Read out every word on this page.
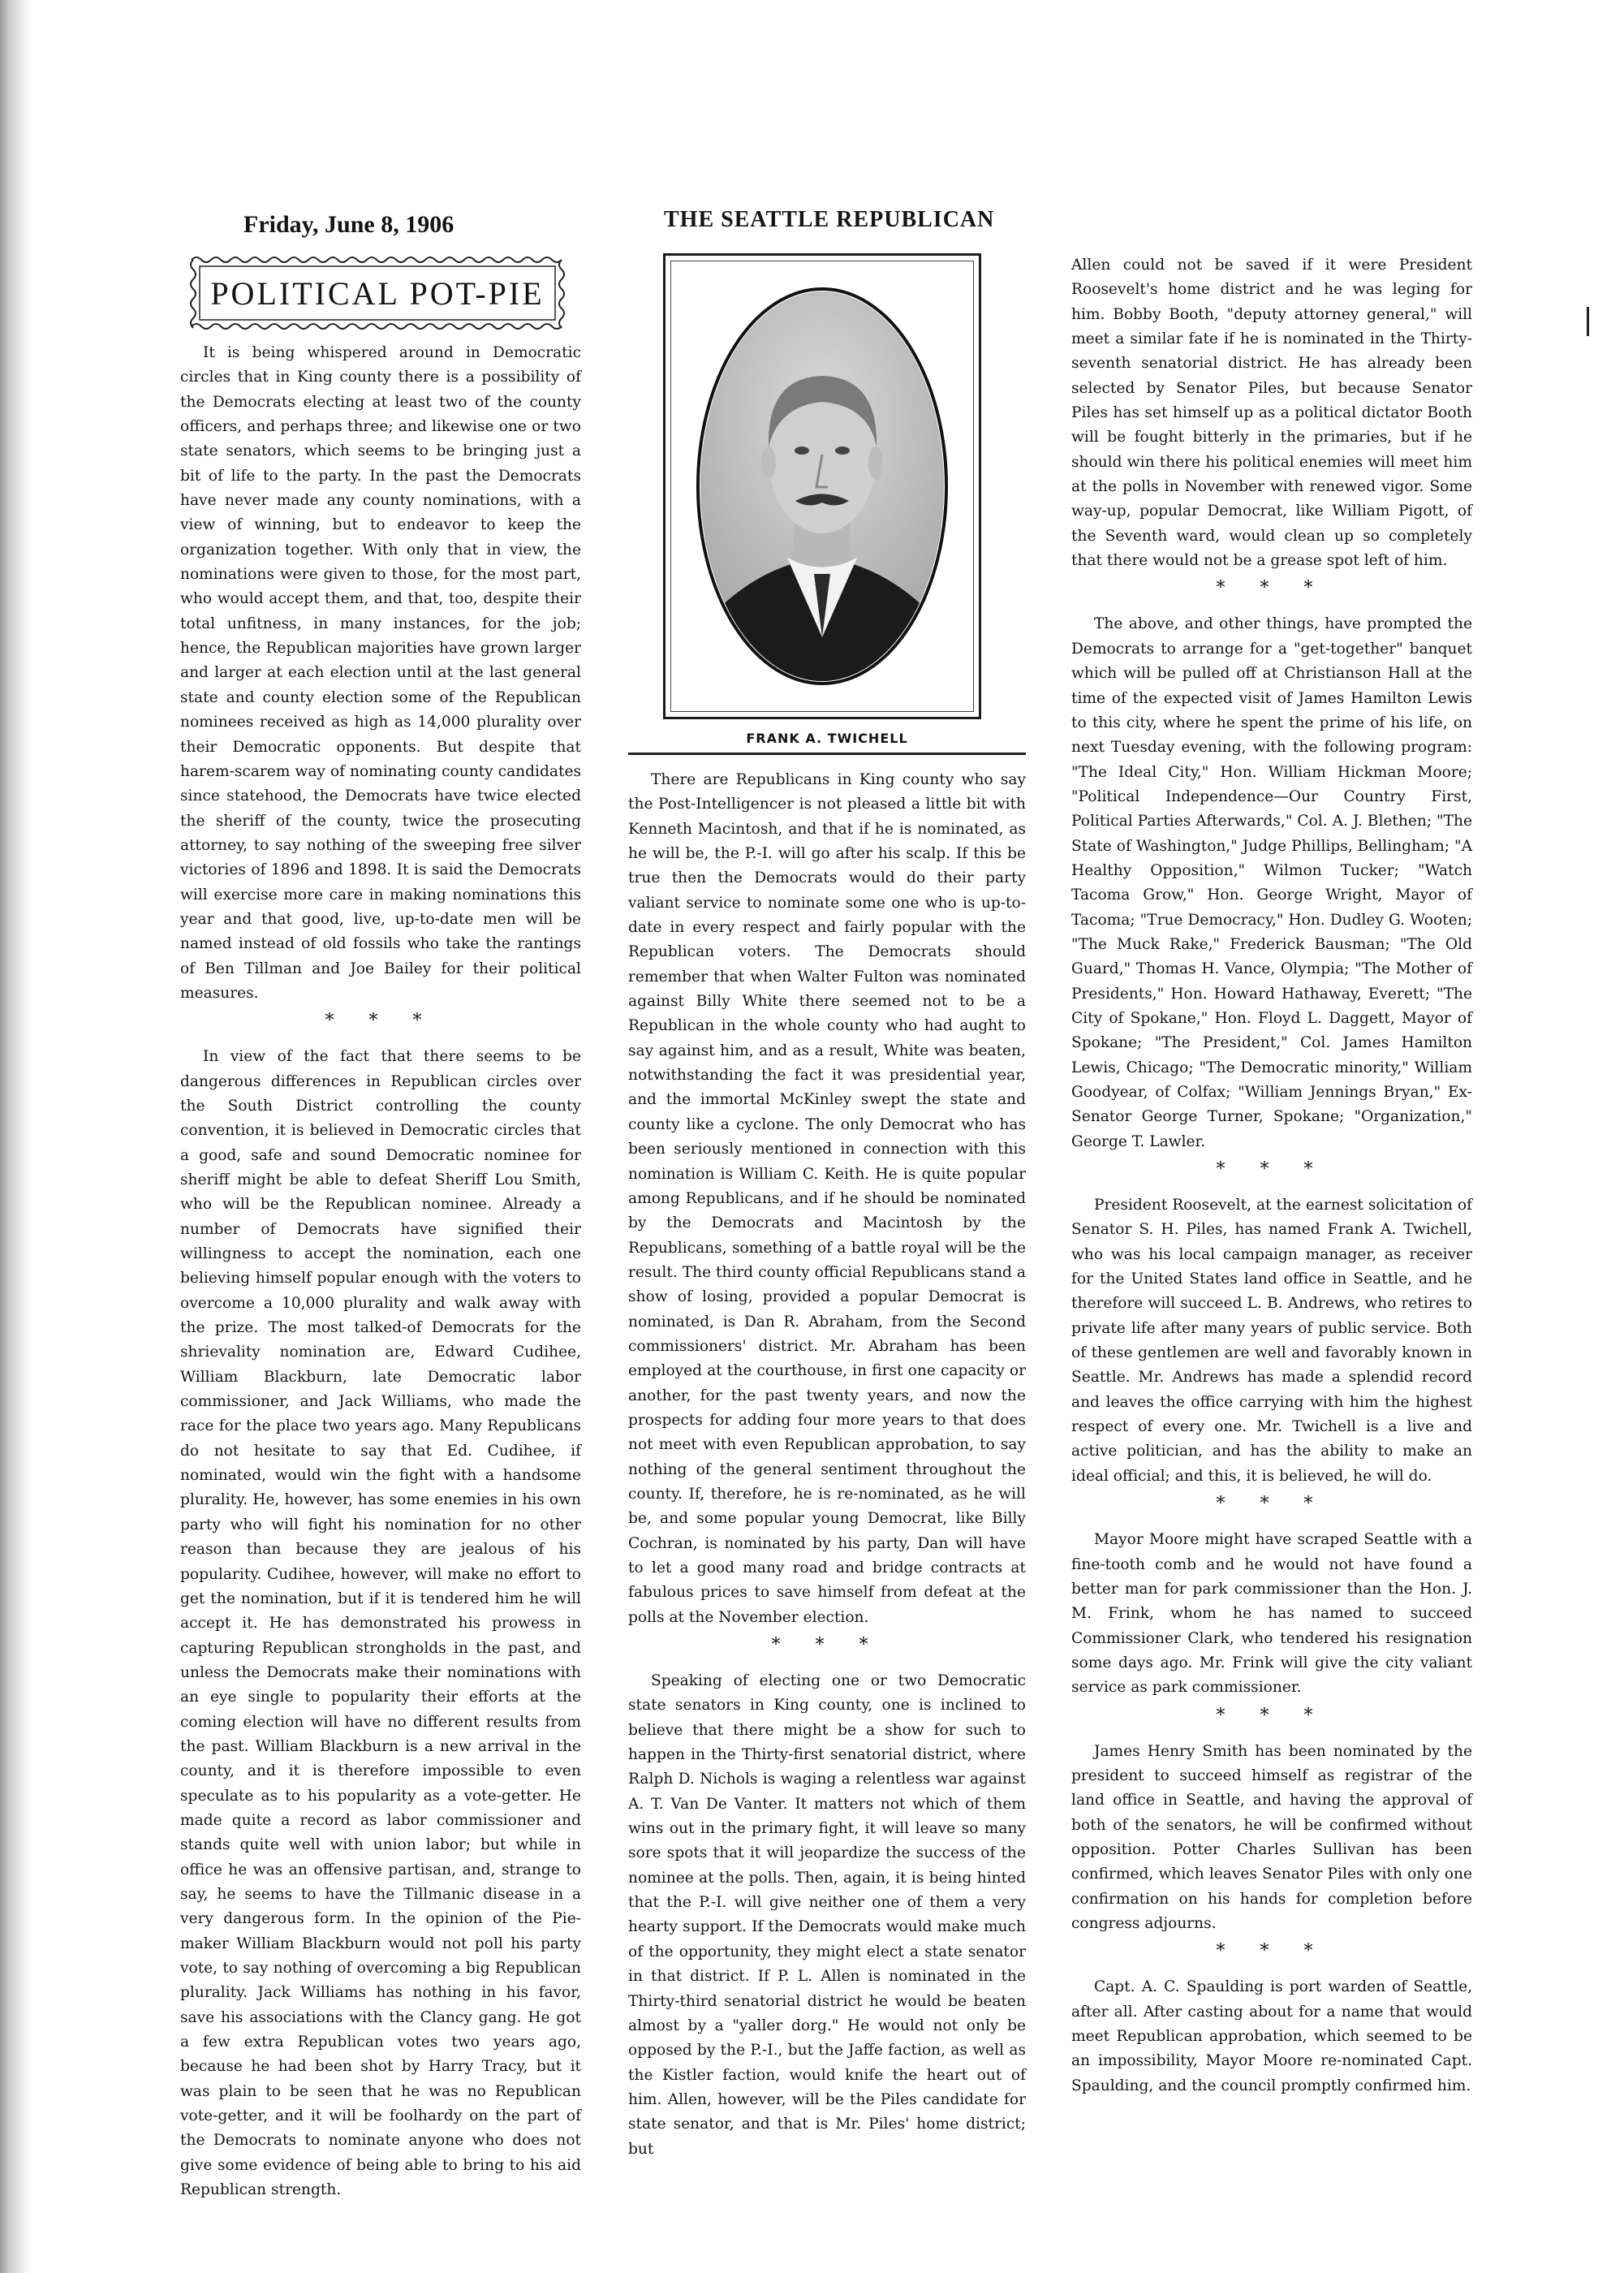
Friday, June 8, 1906	THE SEATTLE REPUBLICAN
POLITICAL POT-PIE

It is being whispered around in Democratic circles that in King county there is a possibility of the Democrats electing at least two of the county officers, and perhaps three; and likewise one or two state senators, which seems to be bringing just a bit of life to the party. In the past the Democrats have never made any county nominations, with a view of winning, but to endeavor to keep the organization together. With only that in view, the nominations were given to those, for the most part, who would accept them, and that, too, despite their total unfitness, in many instances, for the job; hence, the Republican majorities have grown larger and larger at each election until at the last general state and county election some of the Republican nominees received as high as 14,000 plurality over their Democratic opponents. But despite that harem-scarem way of nominating county candidates since statehood, the Democrats have twice elected the sheriff of the county, twice the prosecuting attorney, to say nothing of the sweeping free silver victories of 1896 and 1898. It is said the Democrats will exercise more care in making nominations this year and that good, live, up-to-date men will be named instead of old fossils who take the rantings of Ben Tillman and Joe Bailey for their political measures.

* * *

In view of the fact that there seems to be dangerous differences in Republican circles over the South District controlling the county convention, it is believed in Democratic circles that a good, safe and sound Democratic nominee for sheriff might be able to defeat Sheriff Lou Smith, who will be the Republican nominee. Already a number of Democrats have signified their willingness to accept the nomination, each one believing himself popular enough with the voters to overcome a 10,000 plurality and walk away with the prize. The most talked-of Democrats for the shrievality nomination are, Edward Cudihee, William Blackburn, late Democratic labor commissioner, and Jack Williams, who made the race for the place two years ago. Many Republicans do not hesitate to say that Ed. Cudihee, if nominated, would win the fight with a handsome plurality. He, however, has some enemies in his own party who will fight his nomination for no other reason than because they are jealous of his popularity. Cudihee, however, will make no effort to get the nomination, but if it is tendered him he will accept it. He has demonstrated his prowess in capturing Republican strongholds in the past, and unless the Democrats make their nominations with an eye single to popularity their efforts at the coming election will have no different results from the past. William Blackburn is a new arrival in the county, and it is therefore impossible to even speculate as to his popularity as a vote-getter. He made quite a record as labor commissioner and stands quite well with union labor; but while in office he was an offensive partisan, and, strange to say, he seems to have the Tillmanic disease in a very dangerous form. In the opinion of the Pie-maker William Blackburn would not poll his party vote, to say nothing of overcoming a big Republican plurality. Jack Williams has nothing in his favor, save his associations with the Clancy gang. He got a few extra Republican votes two years ago, because he had been shot by Harry Tracy, but it was plain to be seen that he was no Republican vote-getter, and it will be foolhardy on the part of the Democrats to nominate anyone who does not give some evidence of being able to bring to his aid Republican strength.

FRANK A. TWICHELL

There are Republicans in King county who say the Post-Intelligencer is not pleased a little bit with Kenneth Macintosh, and that if he is nominated, as he will be, the P.-I. will go after his scalp. If this be true then the Democrats would do their party valiant service to nominate some one who is up-to-date in every respect and fairly popular with the Republican voters. The Democrats should remember that when Walter Fulton was nominated against Billy White there seemed not to be a Republican in the whole county who had aught to say against him, and as a result, White was beaten, notwithstanding the fact it was presidential year, and the immortal McKinley swept the state and county like a cyclone. The only Democrat who has been seriously mentioned in connection with this nomination is William C. Keith. He is quite popular among Republicans, and if he should be nominated by the Democrats and Macintosh by the Republicans, something of a battle royal will be the result. The third county official Republicans stand a show of losing, provided a popular Democrat is nominated, is Dan R. Abraham, from the Second commissioners' district. Mr. Abraham has been employed at the courthouse, in first one capacity or another, for the past twenty years, and now the prospects for adding four more years to that does not meet with even Republican approbation, to say nothing of the general sentiment throughout the county. If, therefore, he is re-nominated, as he will be, and some popular young Democrat, like Billy Cochran, is nominated by his party, Dan will have to let a good many road and bridge contracts at fabulous prices to save himself from defeat at the polls at the November election.

* * *

Speaking of electing one or two Democratic state senators in King county, one is inclined to believe that there might be a show for such to happen in the Thirty-first senatorial district, where Ralph D. Nichols is waging a relentless war against A. T. Van De Vanter. It matters not which of them wins out in the primary fight, it will leave so many sore spots that it will jeopardize the success of the nominee at the polls. Then, again, it is being hinted that the P.-I. will give neither one of them a very hearty support. If the Democrats would make much of the opportunity, they might elect a state senator in that district. If P. L. Allen is nominated in the Thirty-third senatorial district he would be beaten almost by a "yaller dorg." He would not only be opposed by the P.-I., but the Jaffe faction, as well as the Kistler faction, would knife the heart out of him. Allen, however, will be the Piles candidate for state senator, and that is Mr. Piles' home district; but

Allen could not be saved if it were President Roosevelt's home district and he was leging for him. Bobby Booth, "deputy attorney general," will meet a similar fate if he is nominated in the Thirty-seventh senatorial district. He has already been selected by Senator Piles, but because Senator Piles has set himself up as a political dictator Booth will be fought bitterly in the primaries, but if he should win there his political enemies will meet him at the polls in November with renewed vigor. Some way-up, popular Democrat, like William Pigott, of the Seventh ward, would clean up so completely that there would not be a grease spot left of him.

* * *

The above, and other things, have prompted the Democrats to arrange for a "get-together" banquet which will be pulled off at Christianson Hall at the time of the expected visit of James Hamilton Lewis to this city, where he spent the prime of his life, on next Tuesday evening, with the following program: "The Ideal City," Hon. William Hickman Moore; "Political Independence—Our Country First, Political Parties Afterwards," Col. A. J. Blethen; "The State of Washington," Judge Phillips, Bellingham; "A Healthy Opposition," Wilmon Tucker; "Watch Tacoma Grow," Hon. George Wright, Mayor of Tacoma; "True Democracy," Hon. Dudley G. Wooten; "The Muck Rake," Frederick Bausman; "The Old Guard," Thomas H. Vance, Olympia; "The Mother of Presidents," Hon. Howard Hathaway, Everett; "The City of Spokane," Hon. Floyd L. Daggett, Mayor of Spokane; "The President," Col. James Hamilton Lewis, Chicago; "The Democratic minority," William Goodyear, of Colfax; "William Jennings Bryan," Ex-Senator George Turner, Spokane; "Organization," George T. Lawler.

* * *

President Roosevelt, at the earnest solicitation of Senator S. H. Piles, has named Frank A. Twichell, who was his local campaign manager, as receiver for the United States land office in Seattle, and he therefore will succeed L. B. Andrews, who retires to private life after many years of public service. Both of these gentlemen are well and favorably known in Seattle. Mr. Andrews has made a splendid record and leaves the office carrying with him the highest respect of every one. Mr. Twichell is a live and active politician, and has the ability to make an ideal official; and this, it is believed, he will do.

* * *

Mayor Moore might have scraped Seattle with a fine-tooth comb and he would not have found a better man for park commissioner than the Hon. J. M. Frink, whom he has named to succeed Commissioner Clark, who tendered his resignation some days ago. Mr. Frink will give the city valiant service as park commissioner.

* * *

James Henry Smith has been nominated by the president to succeed himself as registrar of the land office in Seattle, and having the approval of both of the senators, he will be confirmed without opposition. Potter Charles Sullivan has been confirmed, which leaves Senator Piles with only one confirmation on his hands for completion before congress adjourns.

* * *

Capt. A. C. Spaulding is port warden of Seattle, after all. After casting about for a name that would meet Republican approbation, which seemed to be an impossibility, Mayor Moore re-nominated Capt. Spaulding, and the council promptly confirmed him.
